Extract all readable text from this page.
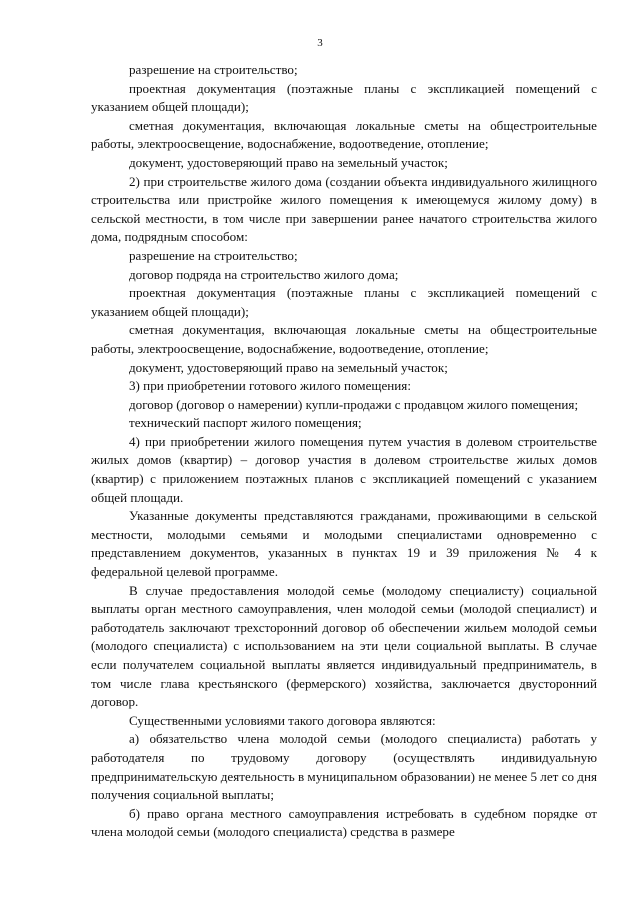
3

разрешение на строительство;

проектная документация (поэтажные планы с экспликацией помещений с указанием общей площади);

сметная документация, включающая локальные сметы на общестроительные работы, электроосвещение, водоснабжение, водоотведение, отопление;

документ, удостоверяющий право на земельный участок;

2) при строительстве жилого дома (создании объекта индивидуального жилищного строительства или пристройке жилого помещения к имеющемуся жилому дому) в сельской местности, в том числе при завершении ранее начатого строительства жилого дома, подрядным способом:

разрешение на строительство;

договор подряда на строительство жилого дома;

проектная документация (поэтажные планы с экспликацией помещений с указанием общей площади);

сметная документация, включающая локальные сметы на общестроительные работы, электроосвещение, водоснабжение, водоотведение, отопление;

документ, удостоверяющий право на земельный участок;

3) при приобретении готового жилого помещения:

договор (договор о намерении) купли-продажи с продавцом жилого помещения;

технический паспорт жилого помещения;

4) при приобретении жилого помещения путем участия в долевом строительстве жилых домов (квартир) – договор участия в долевом строительстве жилых домов (квартир) с приложением поэтажных планов с экспликацией помещений с указанием общей площади.

Указанные документы представляются гражданами, проживающими в сельской местности, молодыми семьями и молодыми специалистами одновременно с представлением документов, указанных в пунктах 19 и 39 приложения № 4 к федеральной целевой программе.

В случае предоставления молодой семье (молодому специалисту) социальной выплаты орган местного самоуправления, член молодой семьи (молодой специалист) и работодатель заключают трехсторонний договор об обеспечении жильем молодой семьи (молодого специалиста) с использованием на эти цели социальной выплаты. В случае если получателем социальной выплаты является индивидуальный предприниматель, в том числе глава крестьянского (фермерского) хозяйства, заключается двусторонний договор.

Существенными условиями такого договора являются:

а) обязательство члена молодой семьи (молодого специалиста) работать у работодателя по трудовому договору (осуществлять индивидуальную предпринимательскую деятельность в муниципальном образовании) не менее 5 лет со дня получения социальной выплаты;

б) право органа местного самоуправления истребовать в судебном порядке от члена молодой семьи (молодого специалиста) средства в размере
